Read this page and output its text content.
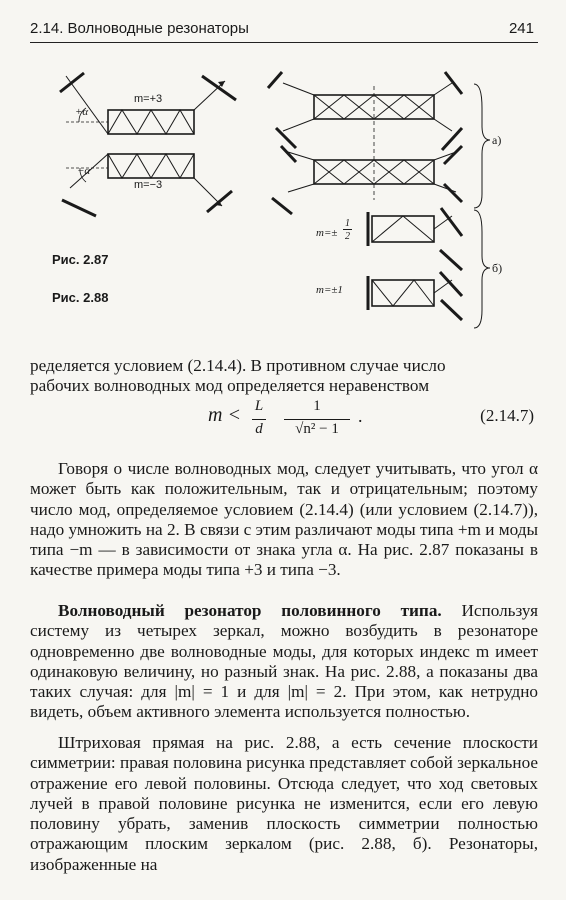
2.14. Волноводные резонаторы	241
Рис. 2.87
Рис. 2.88
m=+3
m=−3
+α
−α
m=±
1
2
m=±1
а)
б)

ределяется условием (2.14.4). В противном случае число

рабочих волноводных мод определяется неравенством

m < L
d
1
√n² − 1
.	(2.14.7)

Говоря о числе волноводных мод, следует учитывать, что угол α может быть как положительным, так и отрицательным; поэтому число мод, определяемое условием (2.14.4) (или условием (2.14.7)), надо умножить на 2. В связи с этим различают моды типа +m и моды типа −m — в зависимости от знака угла α. На рис. 2.87 показаны в качестве примера моды типа +3 и типа −3.

Волноводный резонатор половинного типа. Используя систему из четырех зеркал, можно возбудить в резонаторе одновременно две волноводные моды, для которых индекс m имеет одинаковую величину, но разный знак. На рис. 2.88, а показаны два таких случая: для |m| = 1 и для |m| = 2. При этом, как нетрудно видеть, объем активного элемента используется полностью.

Штриховая прямая на рис. 2.88, а есть сечение плоскости симметрии: правая половина рисунка представляет собой зеркальное отражение его левой половины. Отсюда следует, что ход световых лучей в правой половине рисунка не изменится, если его левую половину убрать, заменив плоскость симметрии полностью отражающим плоским зеркалом (рис. 2.88, б). Резонаторы, изображенные на
